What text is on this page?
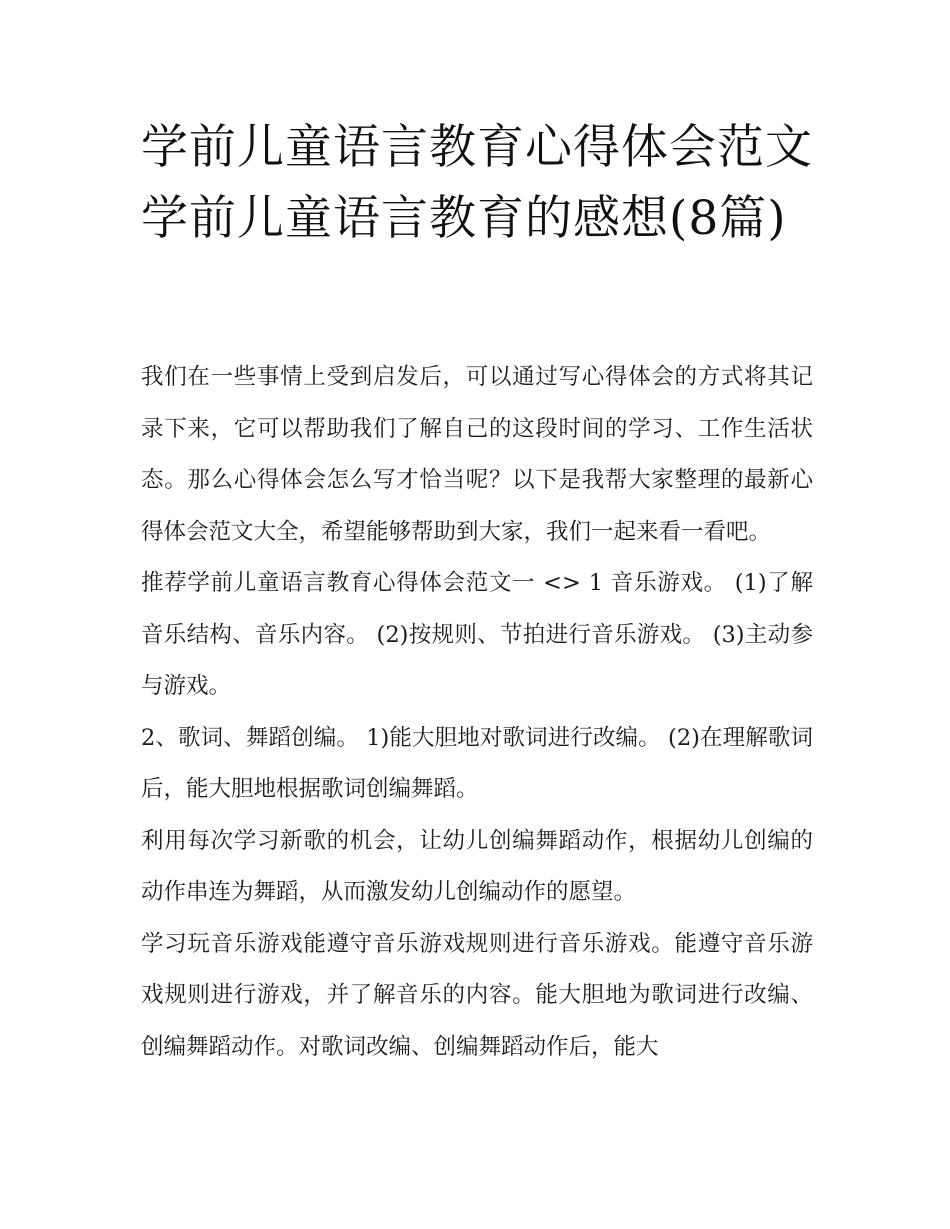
学前儿童语言教育心得体会范文 学前儿童语言教育的感想(8篇)

我们在一些事情上受到启发后，可以通过写心得体会的方式将其记录下来，它可以帮助我们了解自己的这段时间的学习、工作生活状态。那么心得体会怎么写才恰当呢？以下是我帮大家整理的最新心得体会范文大全，希望能够帮助到大家，我们一起来看一看吧。

推荐学前儿童语言教育心得体会范文一 <> 1 音乐游戏。 (1)了解音乐结构、音乐内容。 (2)按规则、节拍进行音乐游戏。 (3)主动参与游戏。

2、歌词、舞蹈创编。 1)能大胆地对歌词进行改编。 (2)在理解歌词后，能大胆地根据歌词创编舞蹈。

利用每次学习新歌的机会，让幼儿创编舞蹈动作，根据幼儿创编的动作串连为舞蹈，从而激发幼儿创编动作的愿望。

学习玩音乐游戏能遵守音乐游戏规则进行音乐游戏。能遵守音乐游戏规则进行游戏，并了解音乐的内容。能大胆地为歌词进行改编、创编舞蹈动作。对歌词改编、创编舞蹈动作后，能大
